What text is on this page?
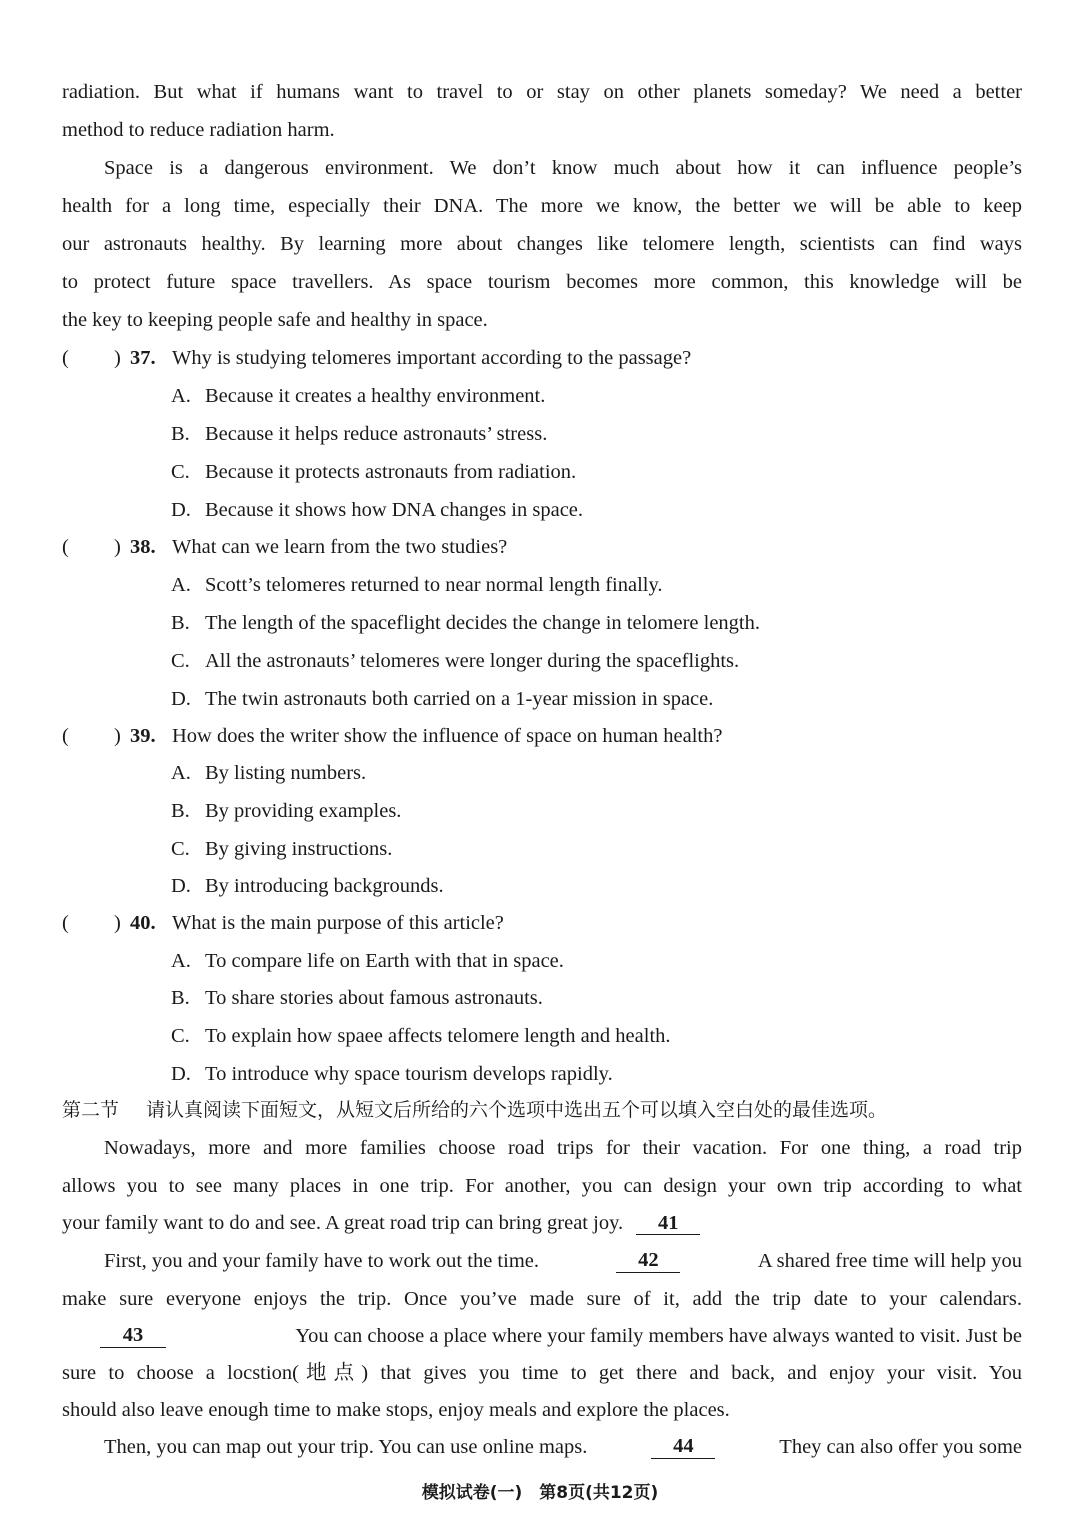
radiation. But what if humans want to travel to or stay on other planets someday? We need a better
method to reduce radiation harm.
Space is a dangerous environment. We don’t know much about how it can influence people’s
health for a long time, especially their DNA. The more we know, the better we will be able to keep
our astronauts healthy. By learning more about changes like telomere length, scientists can find ways
to protect future space travellers. As space tourism becomes more common, this knowledge will be
the key to keeping people safe and healthy in space.
( ) 37. Why is studying telomeres important according to the passage?
A. Because it creates a healthy environment.
B. Because it helps reduce astronauts’ stress.
C. Because it protects astronauts from radiation.
D. Because it shows how DNA changes in space.
( ) 38. What can we learn from the two studies?
A. Scott’s telomeres returned to near normal length finally.
B. The length of the spaceflight decides the change in telomere length.
C. All the astronauts’ telomeres were longer during the spaceflights.
D. The twin astronauts both carried on a 1-year mission in space.
( ) 39. How does the writer show the influence of space on human health?
A. By listing numbers.
B. By providing examples.
C. By giving instructions.
D. By introducing backgrounds.
( ) 40. What is the main purpose of this article?
A. To compare life on Earth with that in space.
B. To share stories about famous astronauts.
C. To explain how spaee affects telomere length and health.
D. To introduce why space tourism develops rapidly.
第二节 请认真阅读下面短文，从短文后所给的六个选项中选出五个可以填入空白处的最佳选项。
Nowadays, more and more families choose road trips for their vacation. For one thing, a road trip
allows you to see many places in one trip. For another, you can design your own trip according to what
your family want to do and see. A great road trip can bring great joy. 41
First, you and your family have to work out the time.	42	A shared free time will help you
make sure everyone enjoys the trip. Once you’ve made sure of it, add the trip date to your calendars.
43	You can choose a place where your family members have always wanted to visit. Just be
sure to choose a locstion(地点) that gives you time to get there and back, and enjoy your visit. You
should also leave enough time to make stops, enjoy meals and explore the places.
Then, you can map out your trip. You can use online maps.	44	They can also offer you some
模拟试卷(一)　第8页(共12页)
